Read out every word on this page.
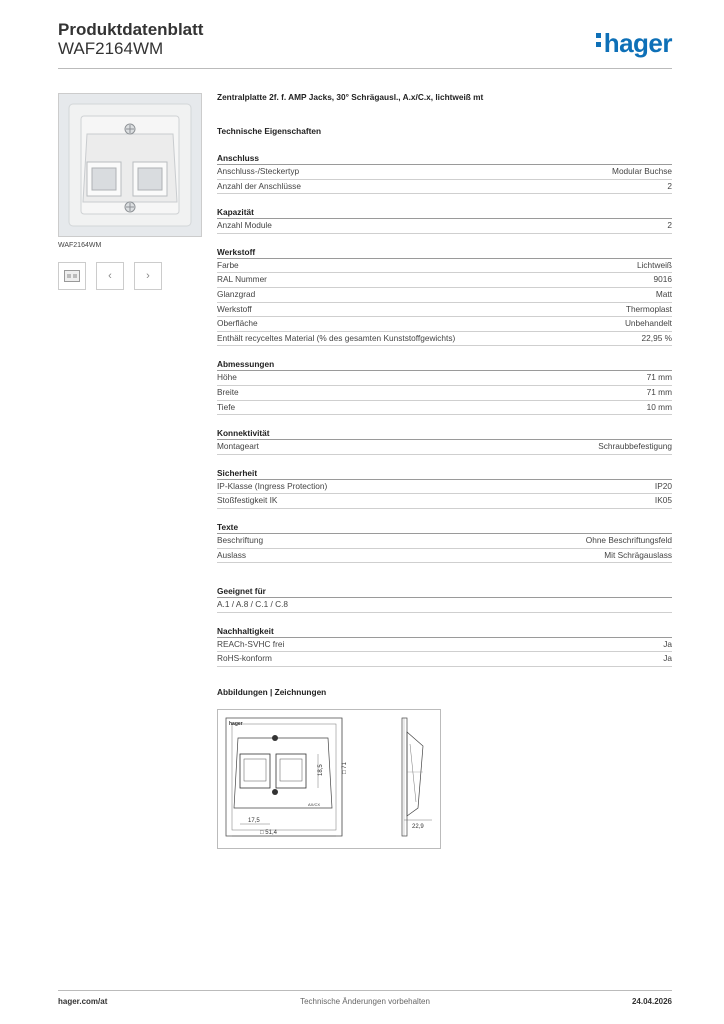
Produktdatenblatt
WAF2164WM	hager
WAF2164WM
‹	›
Zentralplatte 2f. f. AMP Jacks, 30° Schrägausl., A.x/C.x, lichtweiß mt
Technische Eigenschaften
Anschluss
Anschluss-/Steckertyp	Modular Buchse
Anzahl der Anschlüsse	2
Kapazität
Anzahl Module	2
Werkstoff
Farbe	Lichtweiß
RAL Nummer	9016
Glanzgrad	Matt
Werkstoff	Thermoplast
Oberfläche	Unbehandelt
Enthält recyceltes Material (% des gesamten Kunststoffgewichts)	22,95 %
Abmessungen
Höhe	71 mm
Breite	71 mm
Tiefe	10 mm
Konnektivität
Montageart	Schraubbefestigung
Sicherheit
IP-Klasse (Ingress Protection)	IP20
Stoßfestigkeit IK	IK05
Texte
Beschriftung	Ohne Beschriftungsfeld
Auslass	Mit Schrägauslass
Geeignet für
A.1 / A.8 / C.1 / C.8
Nachhaltigkeit
REACh-SVHC frei	Ja
RoHS-konform	Ja
Abbildungen | Zeichnungen
hager
AX/CX
18,5	□ 71
17,5
□ 51,4
22,9
hager.com/at	Technische Änderungen vorbehalten	24.04.2026
